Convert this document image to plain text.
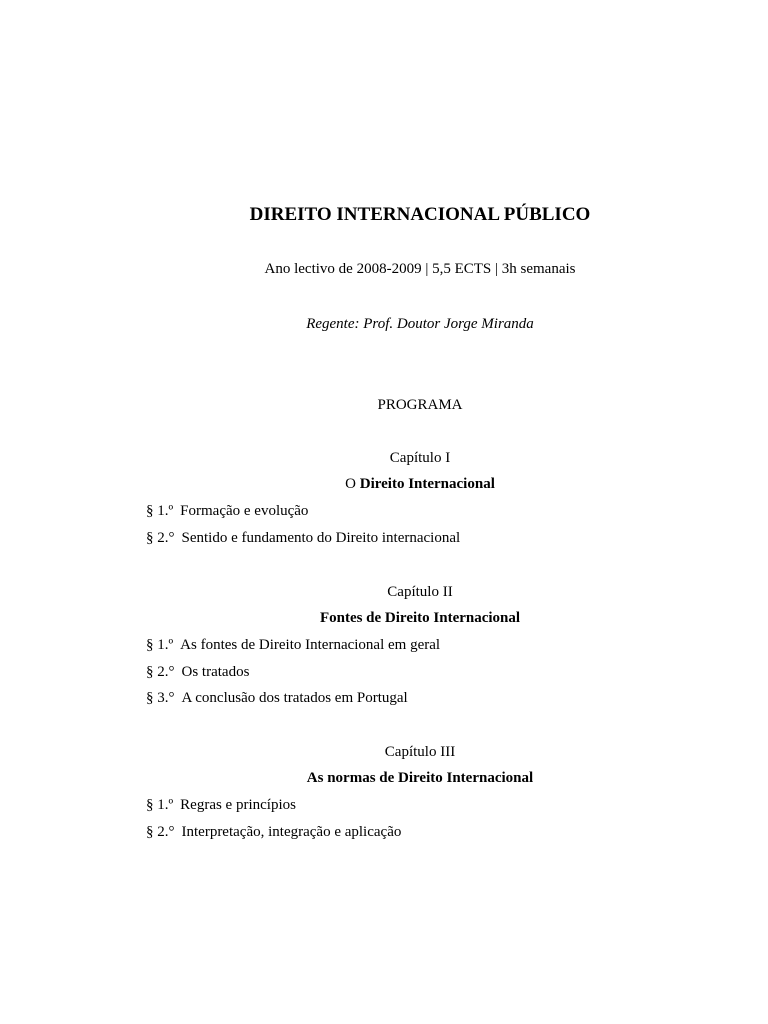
DIREITO INTERNACIONAL PÚBLICO
Ano lectivo de 2008-2009 | 5,5 ECTS | 3h semanais
Regente: Prof. Doutor Jorge Miranda
PROGRAMA
Capítulo I
O Direito Internacional
§ 1.º Formação e evolução
§ 2.° Sentido e fundamento do Direito internacional
Capítulo II
Fontes de Direito Internacional
§ 1.º As fontes de Direito Internacional em geral
§ 2.° Os tratados
§ 3.° A conclusão dos tratados em Portugal
Capítulo III
As normas de Direito Internacional
§ 1.º Regras e princípios
§ 2.° Interpretação, integração e aplicação
